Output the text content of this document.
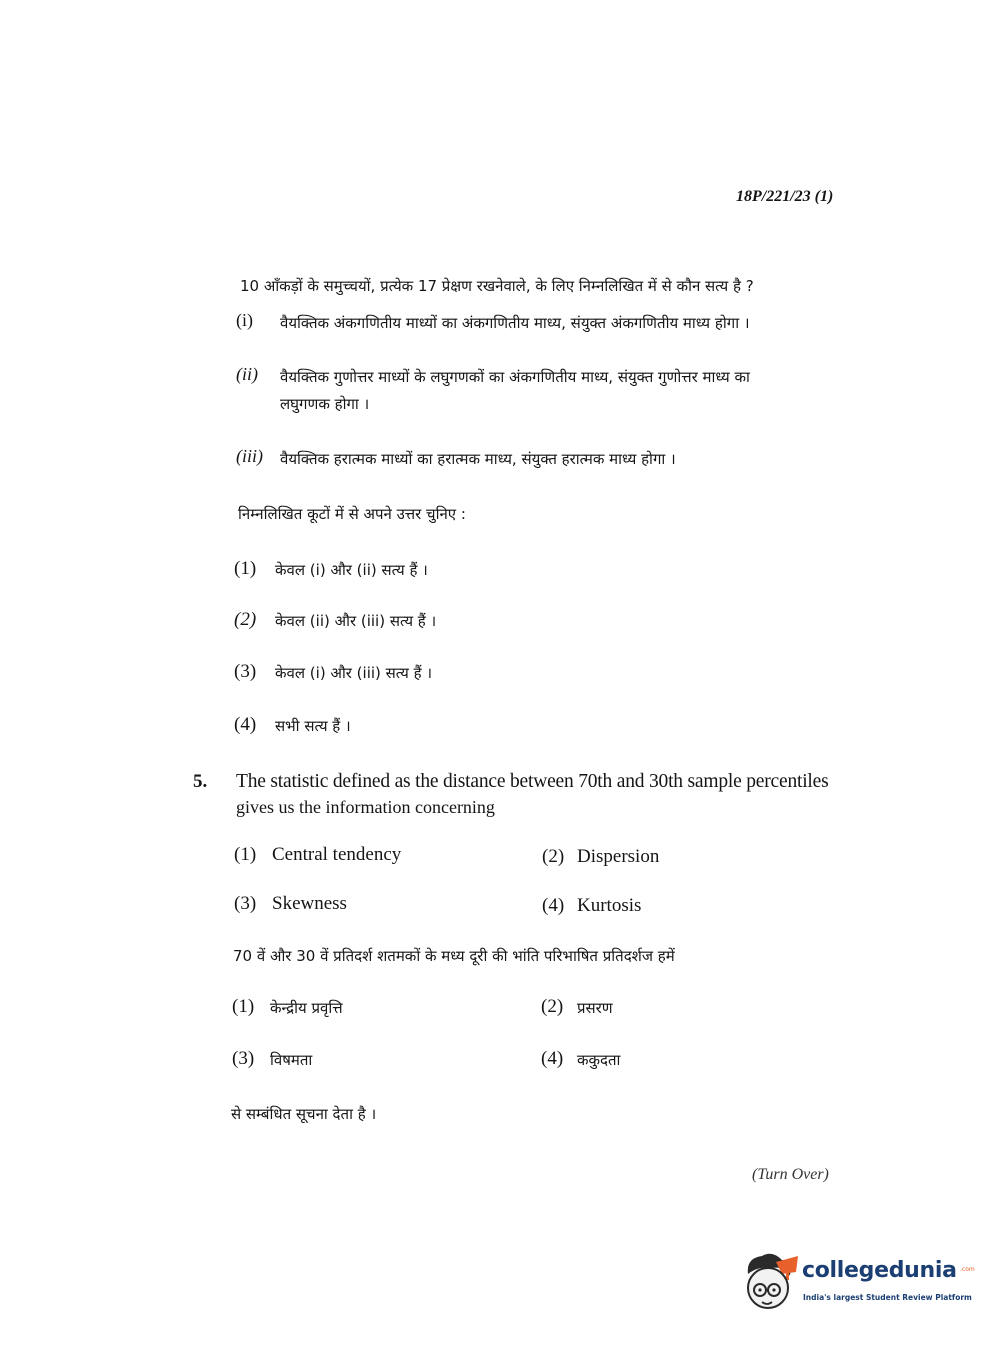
18P/221/23 (1)
10 आँकड़ों के समुच्चयों, प्रत्येक 17 प्रेक्षण रखनेवाले, के लिए निम्नलिखित में से कौन सत्य है ?
(i) वैयक्तिक अंकगणितीय माध्यों का अंकगणितीय माध्य, संयुक्त अंकगणितीय माध्य होगा ।
(ii) वैयक्तिक गुणोत्तर माध्यों के लघुगणकों का अंकगणितीय माध्य, संयुक्त गुणोत्तर माध्य का
लघुगणक होगा ।
(iii) वैयक्तिक हरात्मक माध्यों का हरात्मक माध्य, संयुक्त हरात्मक माध्य होगा ।
निम्नलिखित कूटों में से अपने उत्तर चुनिए :
(1) केवल (i) और (ii) सत्य हैं ।
(2) केवल (ii) और (iii) सत्य हैं ।
(3) केवल (i) और (iii) सत्य हैं ।
(4) सभी सत्य हैं ।
5. The statistic defined as the distance between 70th and 30th sample percentiles
gives us the information concerning
(1) Central tendency	(2) Dispersion
(3) Skewness	(4) Kurtosis
70 वें और 30 वें प्रतिदर्श शतमकों के मध्य दूरी की भांति परिभाषित प्रतिदर्शज हमें
(1) केन्द्रीय प्रवृत्ति	(2) प्रसरण
(3) विषमता	(4) ककुदता
से सम्बंधित सूचना देता है ।
(Turn Over)
collegedunia .com
India's largest Student Review Platform
